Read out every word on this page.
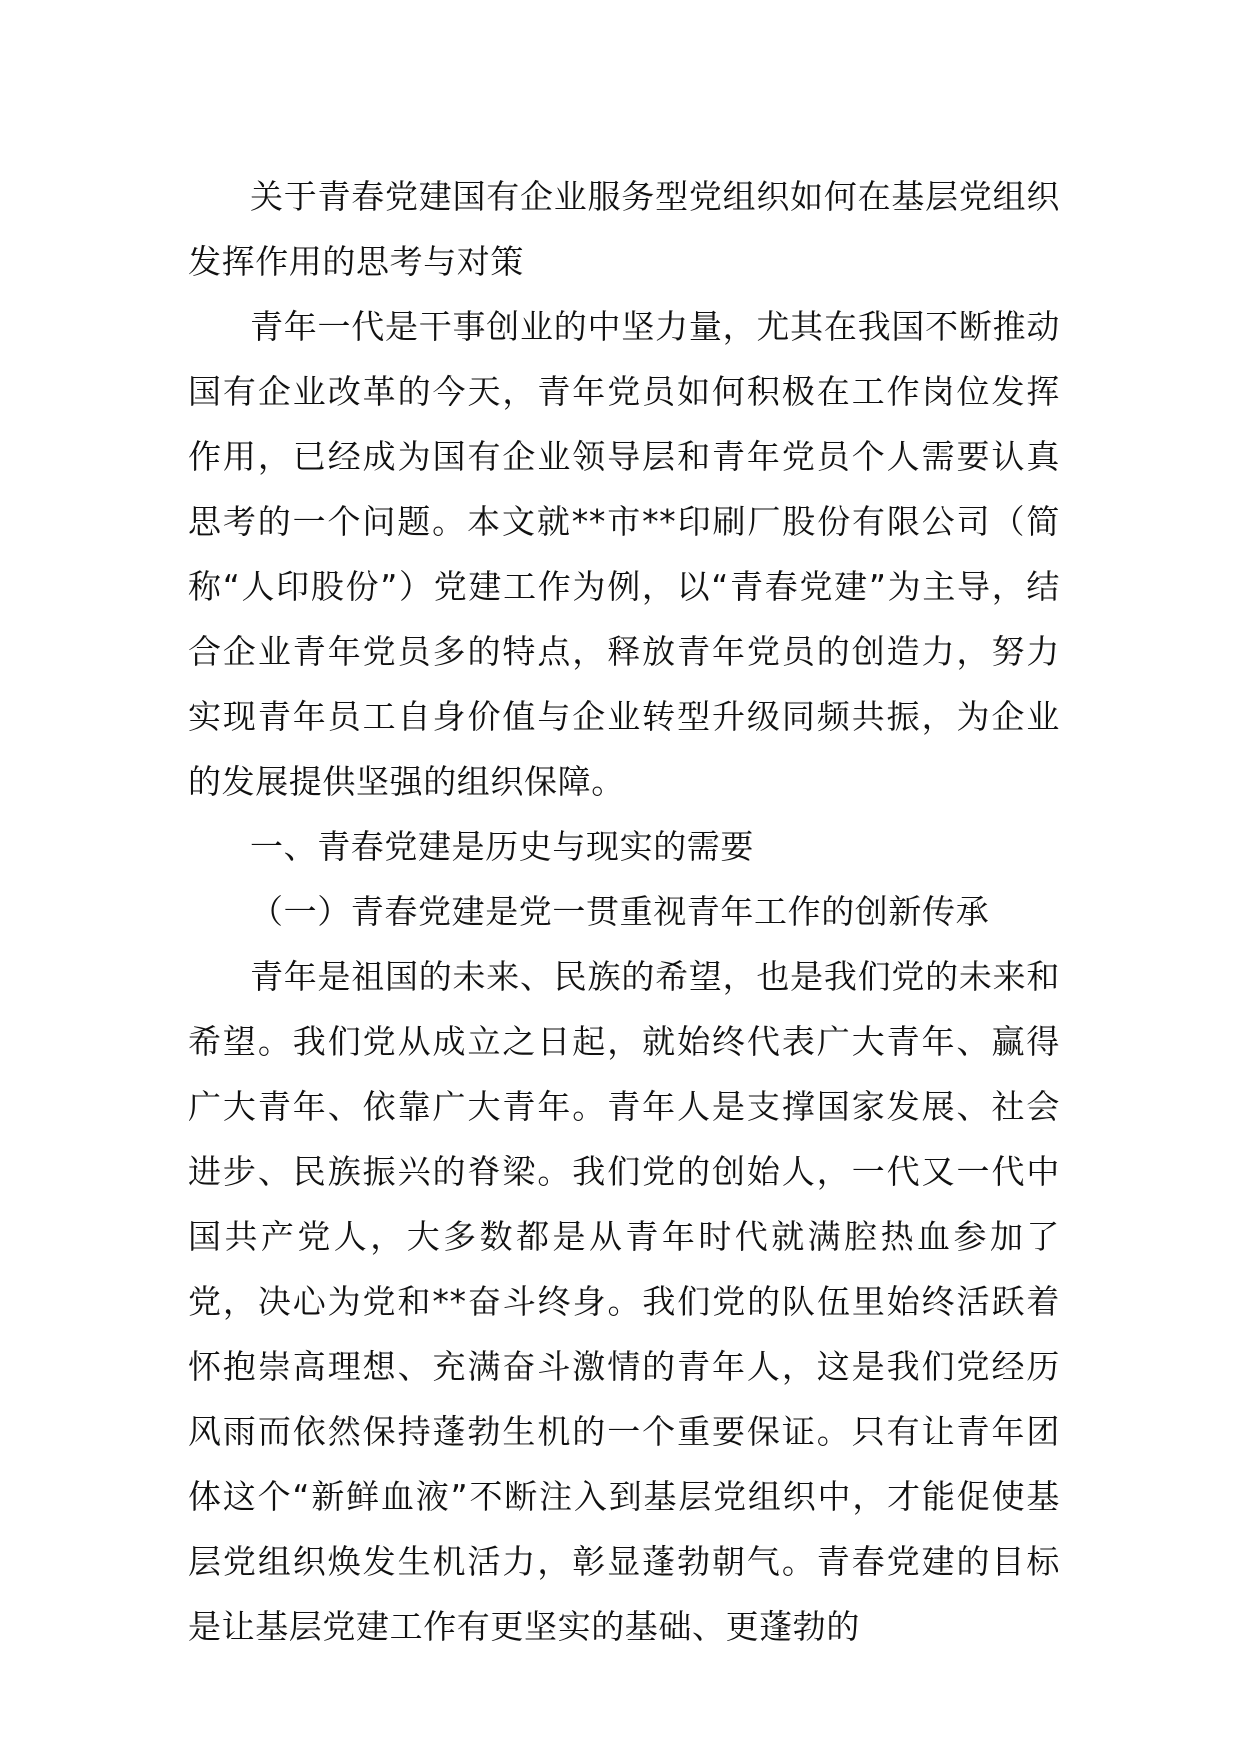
关于青春党建国有企业服务型党组织如何在基层党组织发挥作用的思考与对策

青年一代是干事创业的中坚力量，尤其在我国不断推动国有企业改革的今天，青年党员如何积极在工作岗位发挥作用，已经成为国有企业领导层和青年党员个人需要认真思考的一个问题。本文就**市**印刷厂股份有限公司（简称“人印股份”）党建工作为例，以“青春党建”为主导，结合企业青年党员多的特点，释放青年党员的创造力，努力实现青年员工自身价值与企业转型升级同频共振，为企业的发展提供坚强的组织保障。

一、青春党建是历史与现实的需要

（一）青春党建是党一贯重视青年工作的创新传承

青年是祖国的未来、民族的希望，也是我们党的未来和希望。我们党从成立之日起，就始终代表广大青年、赢得广大青年、依靠广大青年。青年人是支撑国家发展、社会进步、民族振兴的脊梁。我们党的创始人，一代又一代中国共产党人，大多数都是从青年时代就满腔热血参加了党，决心为党和**奋斗终身。我们党的队伍里始终活跃着怀抱崇高理想、充满奋斗激情的青年人，这是我们党经历风雨而依然保持蓬勃生机的一个重要保证。只有让青年团体这个“新鲜血液”不断注入到基层党组织中，才能促使基层党组织焕发生机活力，彰显蓬勃朝气。青春党建的目标是让基层党建工作有更坚实的基础、更蓬勃的
